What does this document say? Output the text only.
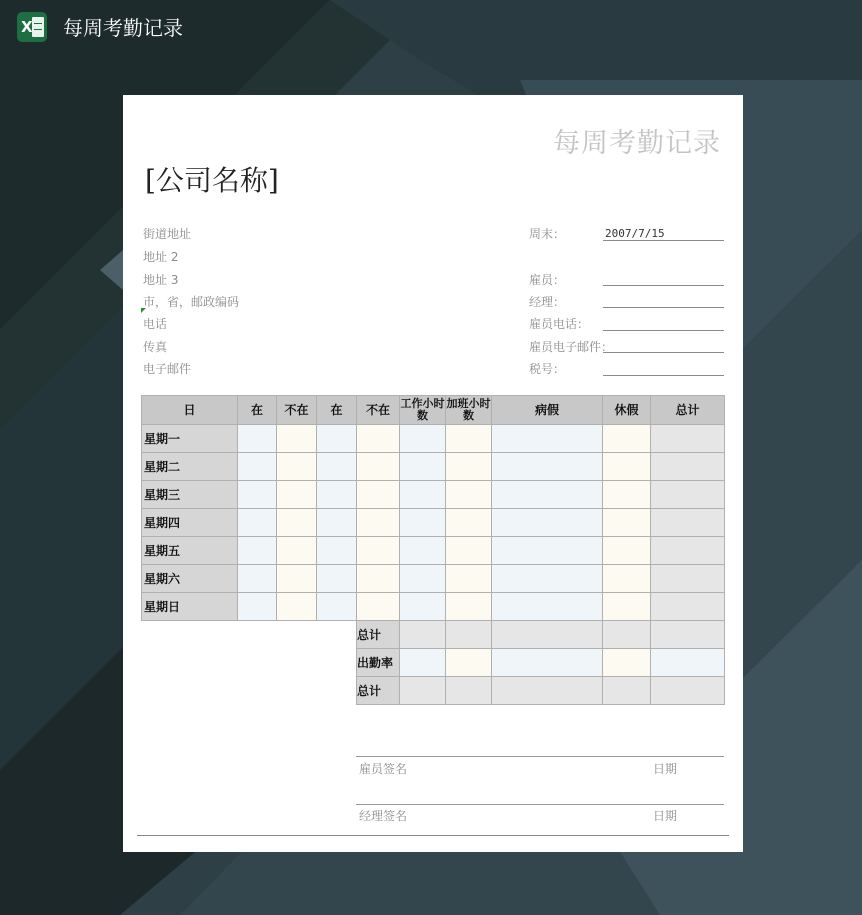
X 每周考勤记录
每周考勤记录
[公司名称]
街道地址
地址 2
地址 3
市，省，邮政编码
电话
传真
电子邮件
周末：	2007/7/15
雇员：
经理：
雇员电话：
雇员电子邮件：
税号：
日	在	不在	在	不在	工作小时数	加班小时数	病假	休假	总计
星期一									
星期二									
星期三									
星期四									
星期五									
星期六									
星期日									
				总计					
				出勤率					
				总计					
雇员签名	日期
经理签名	日期
